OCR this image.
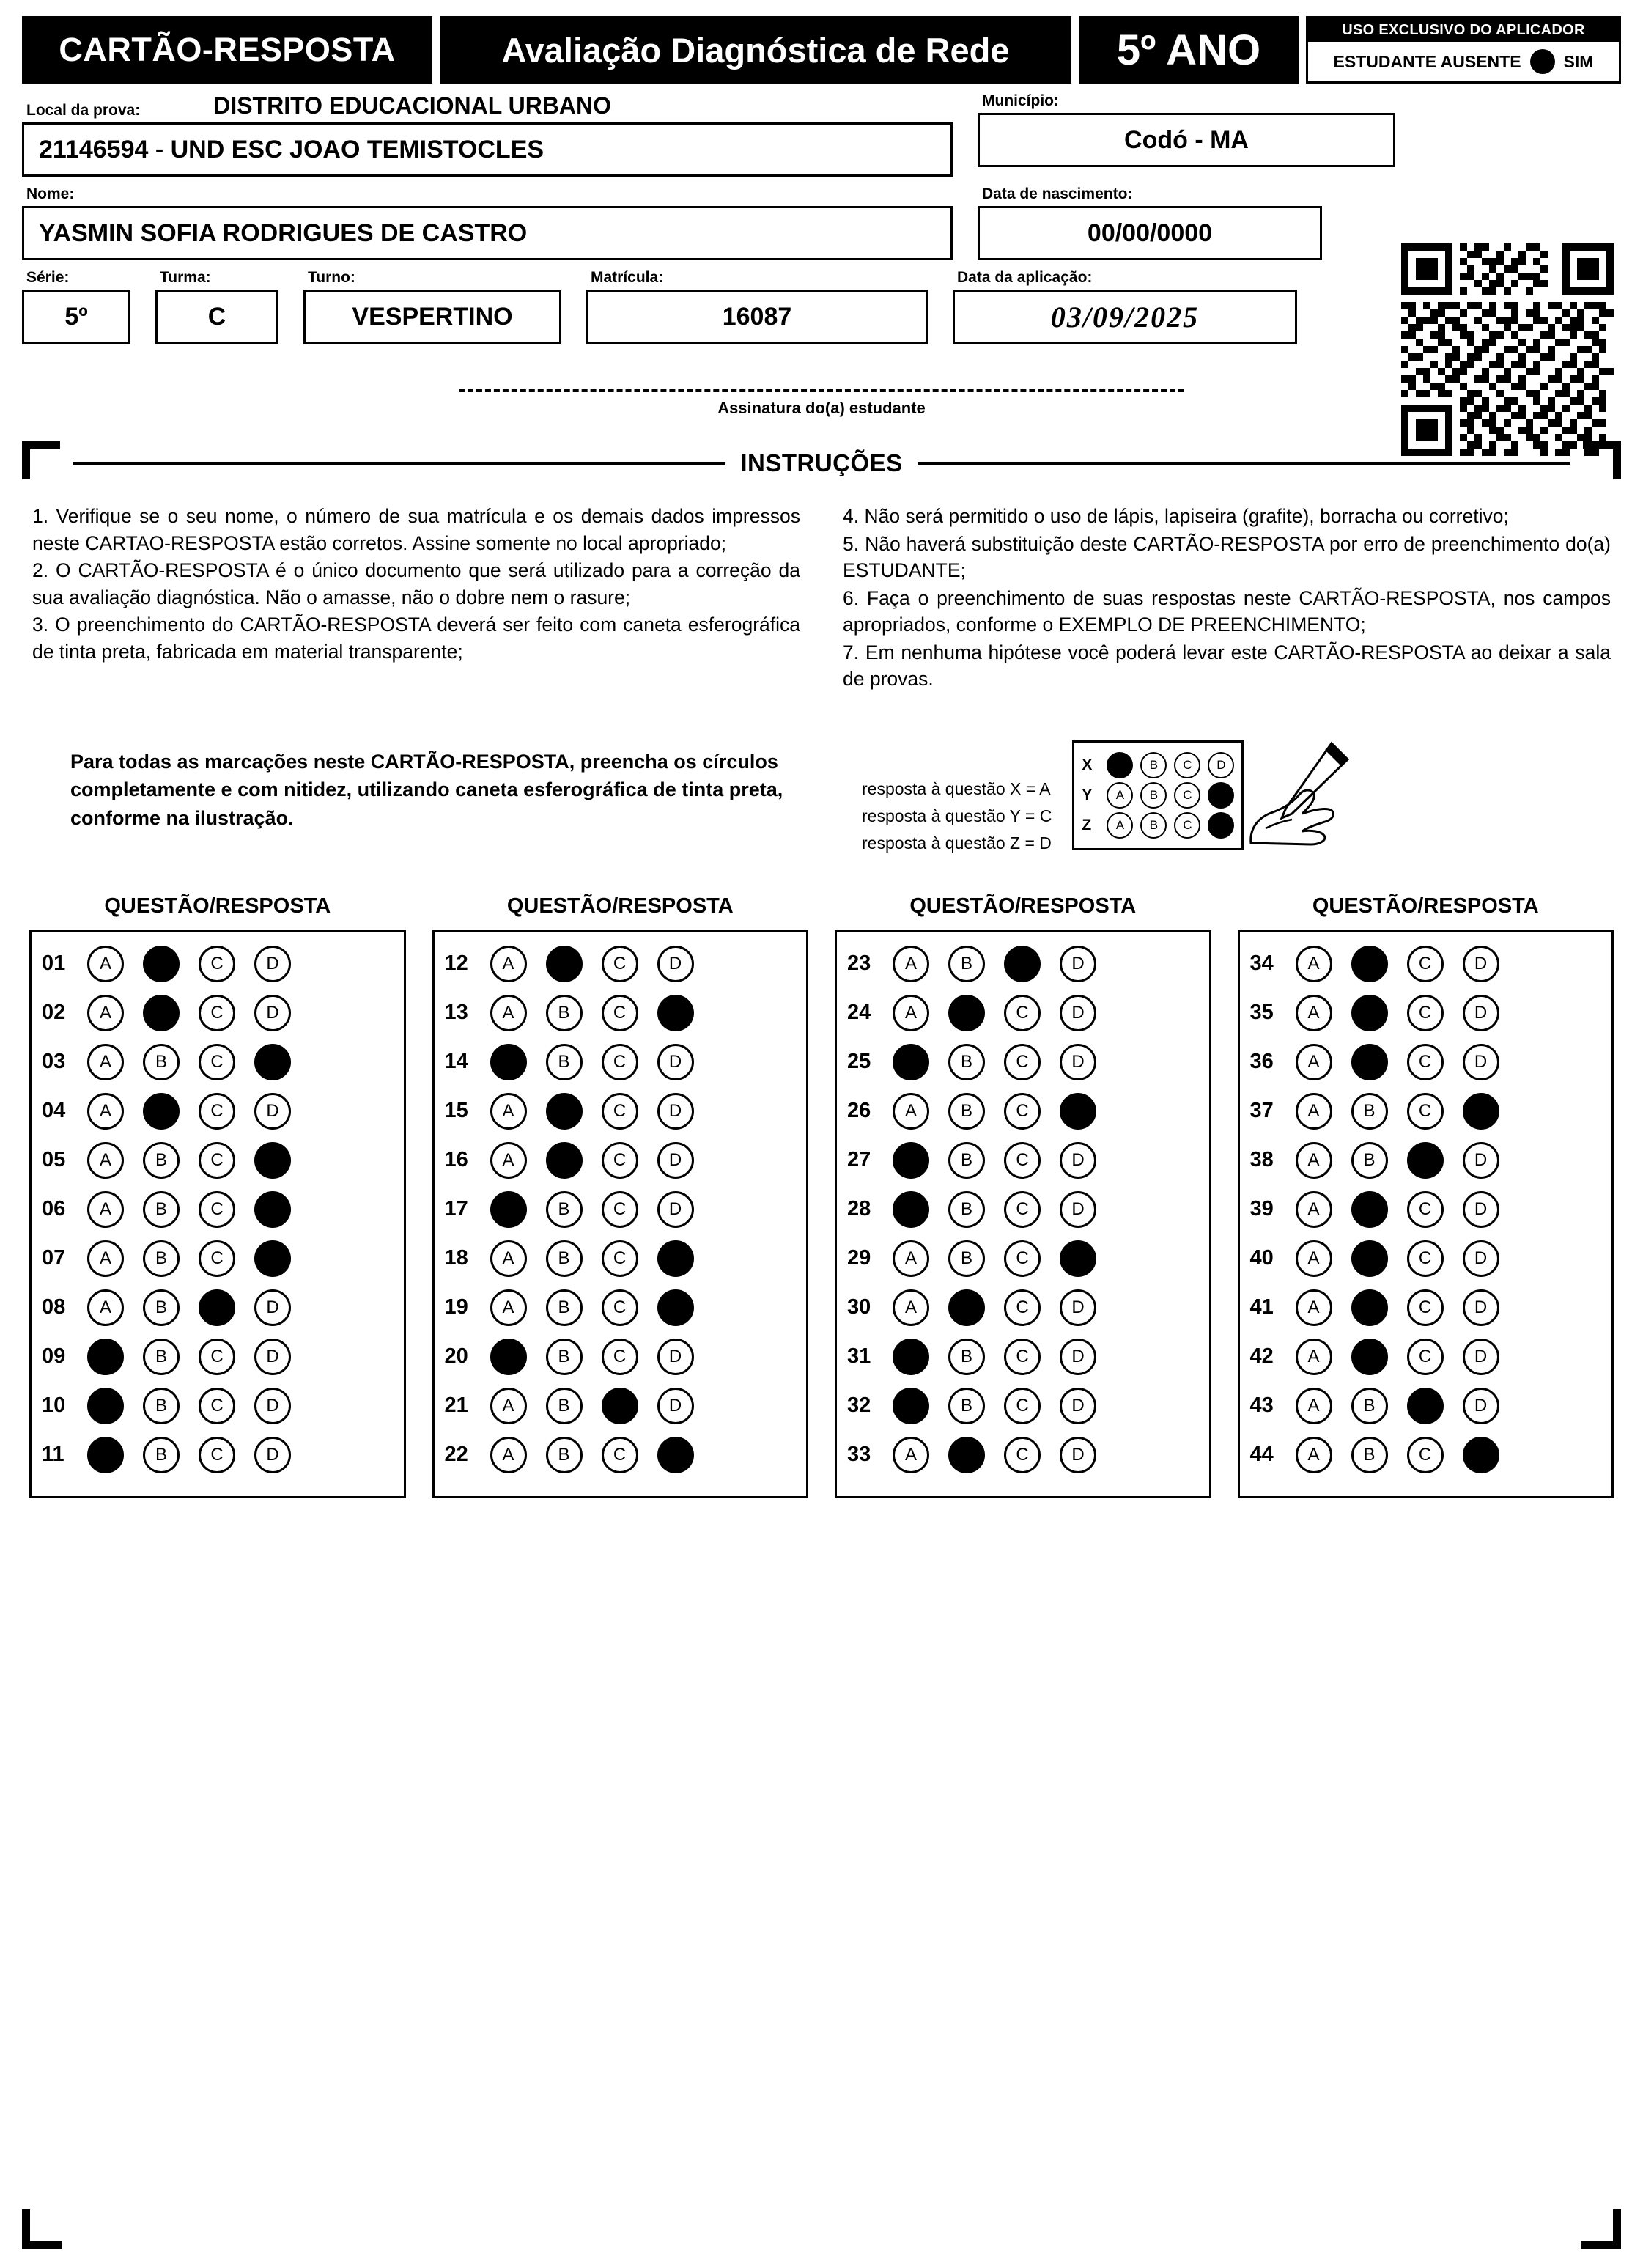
CARTÃO-RESPOSTA	Avaliação Diagnóstica de Rede	5º ANO	USO EXCLUSIVO DO APLICADOR
ESTUDANTE AUSENTE	SIM
Local da prova:	DISTRITO EDUCACIONAL URBANO
21146594 - UND ESC JOAO TEMISTOCLES
Município:
Codó - MA
Nome:
YASMIN SOFIA RODRIGUES DE CASTRO
Data de nascimento:
00/00/0000
Série:
5º
Turma:
C
Turno:
VESPERTINO
Matrícula:
16087
Data da aplicação:
03/09/2025
Assinatura do(a) estudante
INSTRUÇÕES

1. Verifique se o seu nome, o número de sua matrícula e os demais dados impressos neste CARTAO-RESPOSTA estão corretos. Assine somente no local apropriado;

2. O CARTÃO-RESPOSTA é o único documento que será utilizado para a correção da sua avaliação diagnóstica. Não o amasse, não o dobre nem o rasure;

3. O preenchimento do CARTÃO-RESPOSTA deverá ser feito com caneta esferográfica de tinta preta, fabricada em material transparente;

4. Não será permitido o uso de lápis, lapiseira (grafite), borracha ou corretivo;

5. Não haverá substituição deste CARTÃO-RESPOSTA por erro de preenchimento do(a) ESTUDANTE;

6. Faça o preenchimento de suas respostas neste CARTÃO-RESPOSTA, nos campos apropriados, conforme o EXEMPLO DE PREENCHIMENTO;

7. Em nenhuma hipótese você poderá levar este CARTÃO-RESPOSTA ao deixar a sala de provas.

Para todas as marcações neste CARTÃO-RESPOSTA, preencha os círculos completamente e com nitidez, utilizando caneta esferográfica de tinta preta, conforme na ilustração.
resposta à questão X = A
resposta à questão Y = C
resposta à questão Z = D
X	A	B	C	D
Y	A	B	C	D
Z	A	B	C	D
QUESTÃO/RESPOSTA
01	A	B	C	D
02	A	B	C	D
03	A	B	C	D
04	A	B	C	D
05	A	B	C	D
06	A	B	C	D
07	A	B	C	D
08	A	B	C	D
09	A	B	C	D
10	A	B	C	D
11	A	B	C	D
QUESTÃO/RESPOSTA
12	A	B	C	D
13	A	B	C	D
14	A	B	C	D
15	A	B	C	D
16	A	B	C	D
17	A	B	C	D
18	A	B	C	D
19	A	B	C	D
20	A	B	C	D
21	A	B	C	D
22	A	B	C	D
QUESTÃO/RESPOSTA
23	A	B	C	D
24	A	B	C	D
25	A	B	C	D
26	A	B	C	D
27	A	B	C	D
28	A	B	C	D
29	A	B	C	D
30	A	B	C	D
31	A	B	C	D
32	A	B	C	D
33	A	B	C	D
QUESTÃO/RESPOSTA
34	A	B	C	D
35	A	B	C	D
36	A	B	C	D
37	A	B	C	D
38	A	B	C	D
39	A	B	C	D
40	A	B	C	D
41	A	B	C	D
42	A	B	C	D
43	A	B	C	D
44	A	B	C	D
